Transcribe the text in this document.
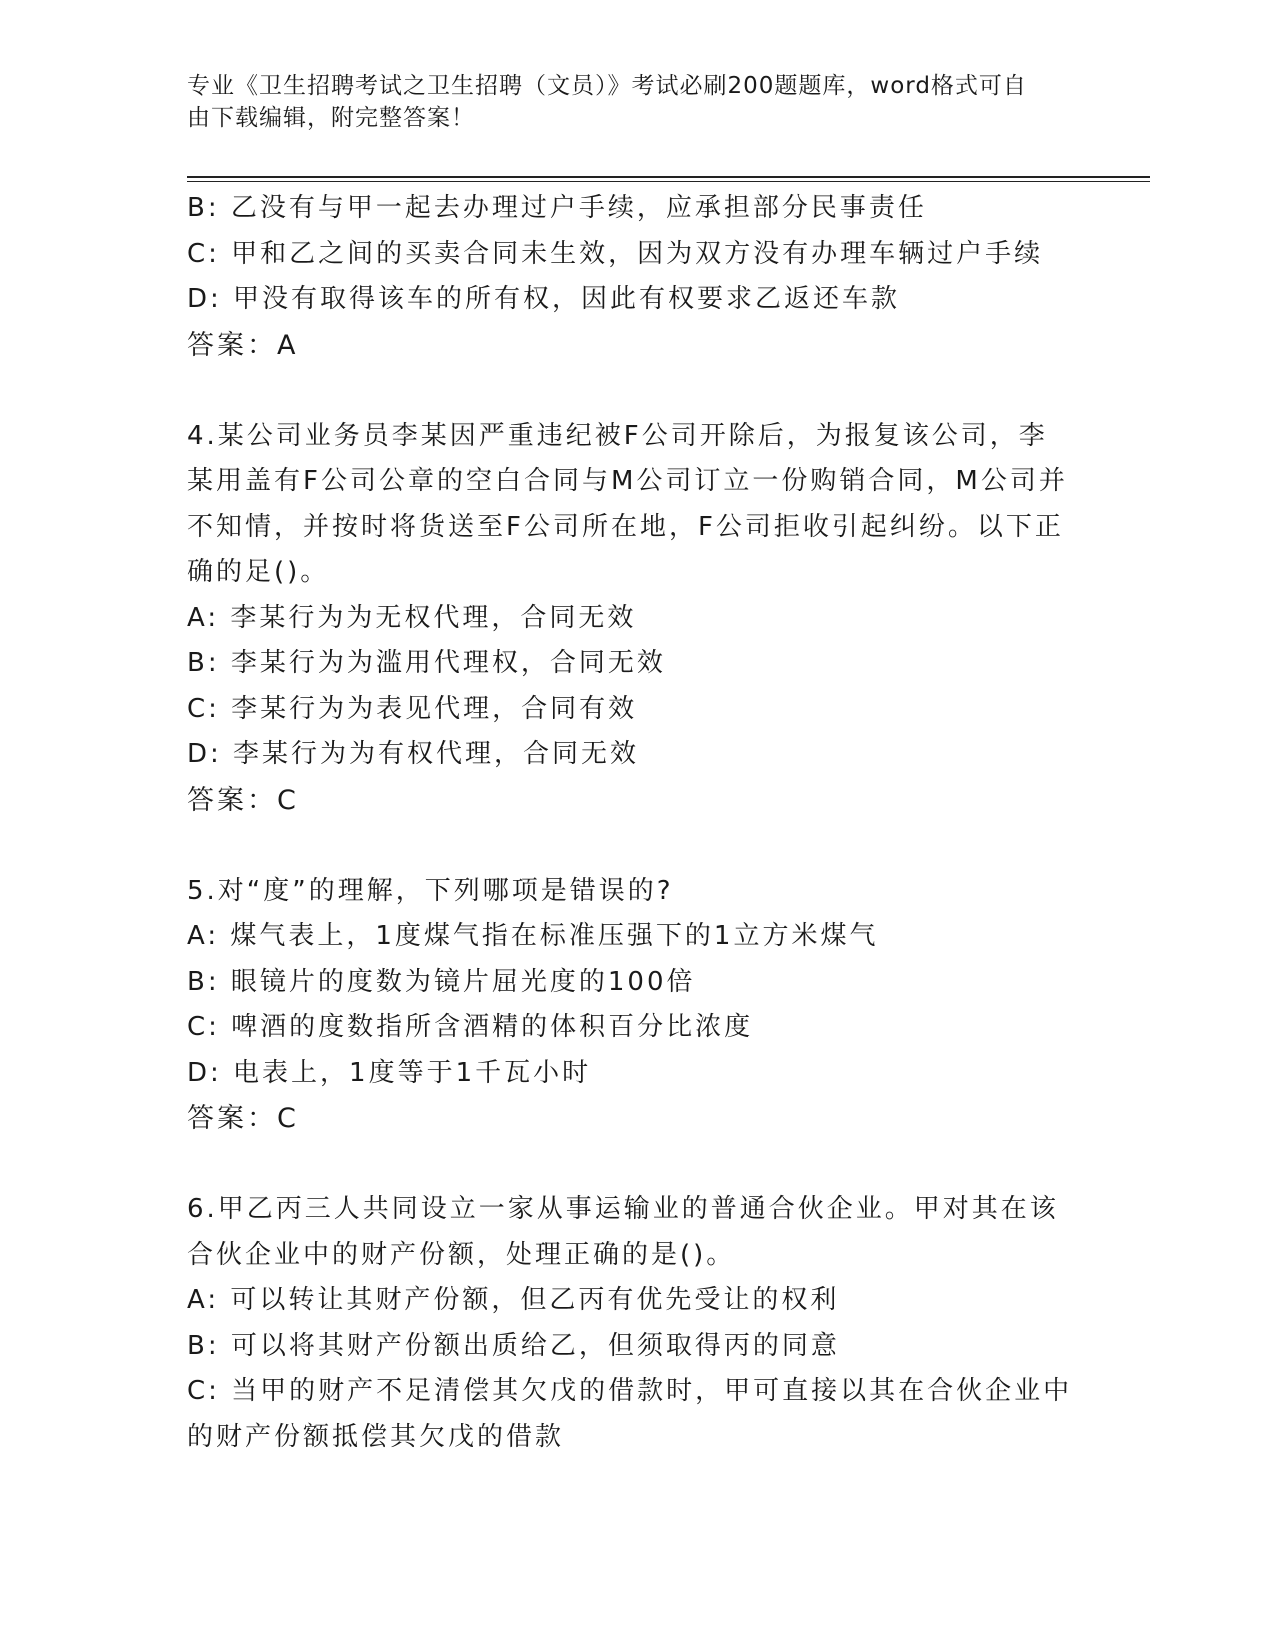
专业《卫生招聘考试之卫生招聘（文员）》考试必刷200题题库，word格式可自
由下载编辑，附完整答案！
B: 乙没有与甲一起去办理过户手续，应承担部分民事责任
C: 甲和乙之间的买卖合同未生效，因为双方没有办理车辆过户手续
D: 甲没有取得该车的所有权，因此有权要求乙返还车款
答案：A
4.某公司业务员李某因严重违纪被F公司开除后，为报复该公司，李
某用盖有F公司公章的空白合同与M公司订立一份购销合同，M公司并
不知情，并按时将货送至F公司所在地，F公司拒收引起纠纷。以下正
确的足()。
A: 李某行为为无权代理，合同无效
B: 李某行为为滥用代理权，合同无效
C: 李某行为为表见代理，合同有效
D: 李某行为为有权代理，合同无效
答案：C
5.对“度”的理解，下列哪项是错误的?
A: 煤气表上，1度煤气指在标准压强下的1立方米煤气
B: 眼镜片的度数为镜片屈光度的100倍
C: 啤酒的度数指所含酒精的体积百分比浓度
D: 电表上，1度等于1千瓦小时
答案：C
6.甲乙丙三人共同设立一家从事运输业的普通合伙企业。甲对其在该
合伙企业中的财产份额，处理正确的是()。
A: 可以转让其财产份额，但乙丙有优先受让的权利
B: 可以将其财产份额出质给乙，但须取得丙的同意
C: 当甲的财产不足清偿其欠戊的借款时，甲可直接以其在合伙企业中
的财产份额抵偿其欠戊的借款
